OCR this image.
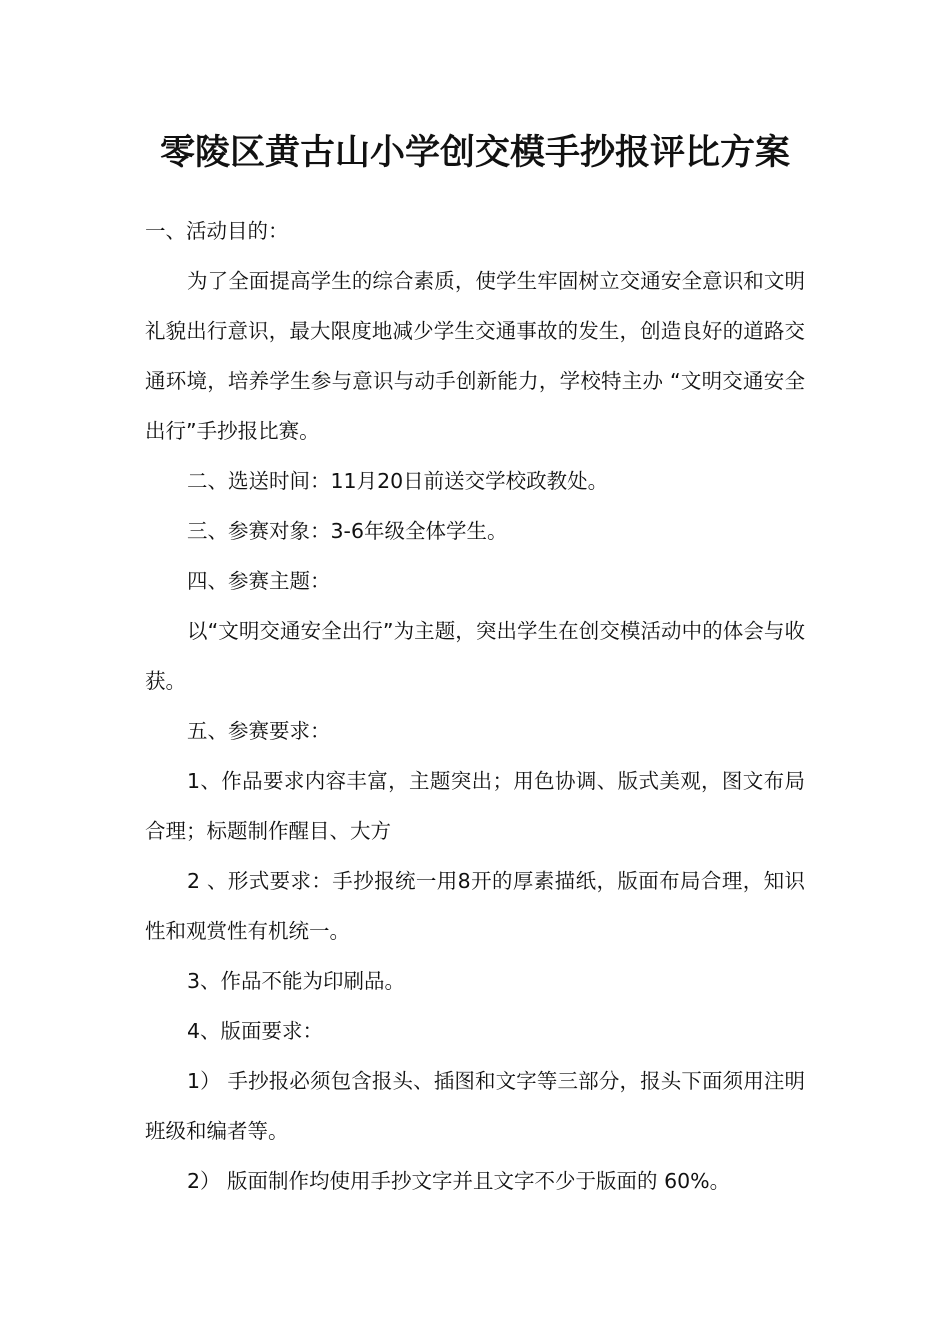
零陵区黄古山小学创交模手抄报评比方案

一、活动目的：

为了全面提高学生的综合素质，使学生牢固树立交通安全意识和文明礼貌出行意识，最大限度地减少学生交通事故的发生，创造良好的道路交通环境，培养学生参与意识与动手创新能力，学校特主办 “文明交通安全出行”手抄报比赛。

二、选送时间：11月20日前送交学校政教处。

三、参赛对象：3-6年级全体学生。

四、参赛主题：

以“文明交通安全出行”为主题，突出学生在创交模活动中的体会与收获。

五、参赛要求：

1、作品要求内容丰富，主题突出；用色协调、版式美观，图文布局合理；标题制作醒目、大方

2 、形式要求：手抄报统一用8开的厚素描纸，版面布局合理，知识性和观赏性有机统一。

3、作品不能为印刷品。

4、版面要求：

1） 手抄报必须包含报头、插图和文字等三部分，报头下面须用注明班级和编者等。

2） 版面制作均使用手抄文字并且文字不少于版面的 60%。
